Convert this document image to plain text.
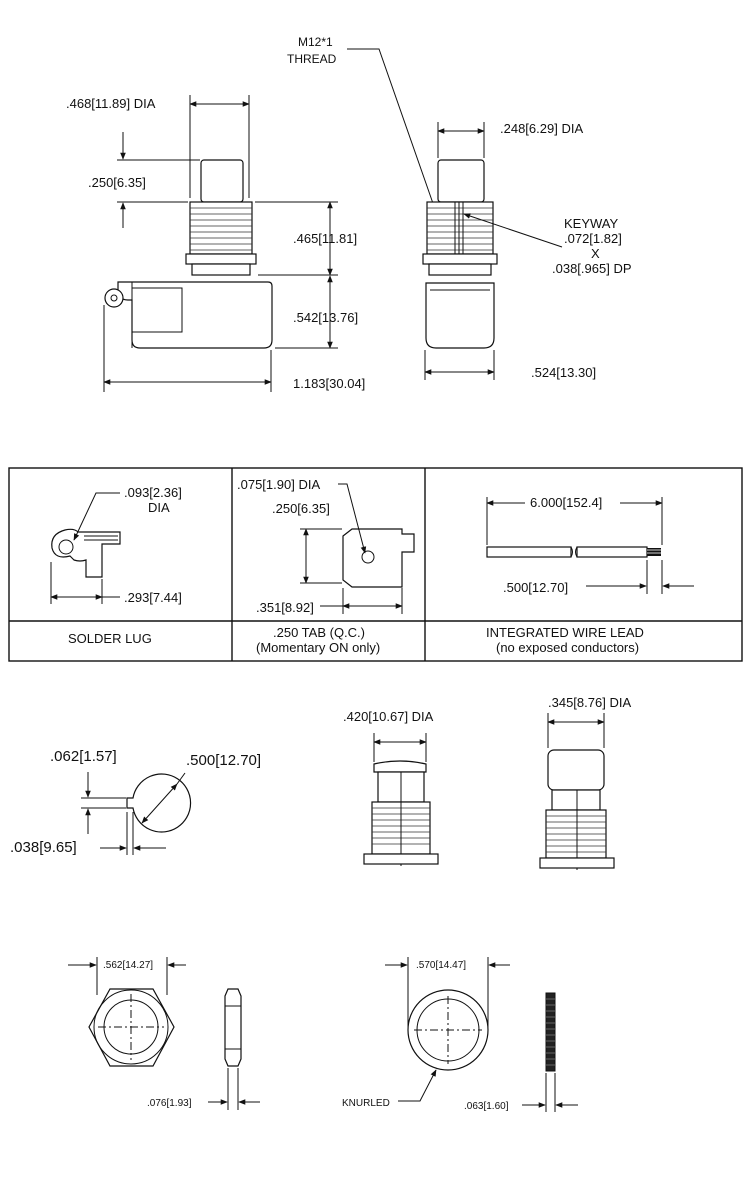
.468[11.89] DIA
.250[6.35]
.465[11.81]
.542[13.76]
1.183[30.04]
M12*1
THREAD
.248[6.29] DIA
KEYWAY
.072[1.82]
X
.038[.965] DP
.524[13.30]
.093[2.36]
DIA
.293[7.44]
SOLDER LUG
.075[1.90] DIA
.250[6.35]
.351[8.92]
.250 TAB (Q.C.)
(Momentary ON only)
6.000[152.4]
.500[12.70]
INTEGRATED WIRE LEAD
(no exposed conductors)
.500[12.70]
.062[1.57]
.038[9.65]
.420[10.67] DIA
.345[8.76] DIA
.562[14.27]
.076[1.93]
.570[14.47]
KNURLED	.063[1.60]
